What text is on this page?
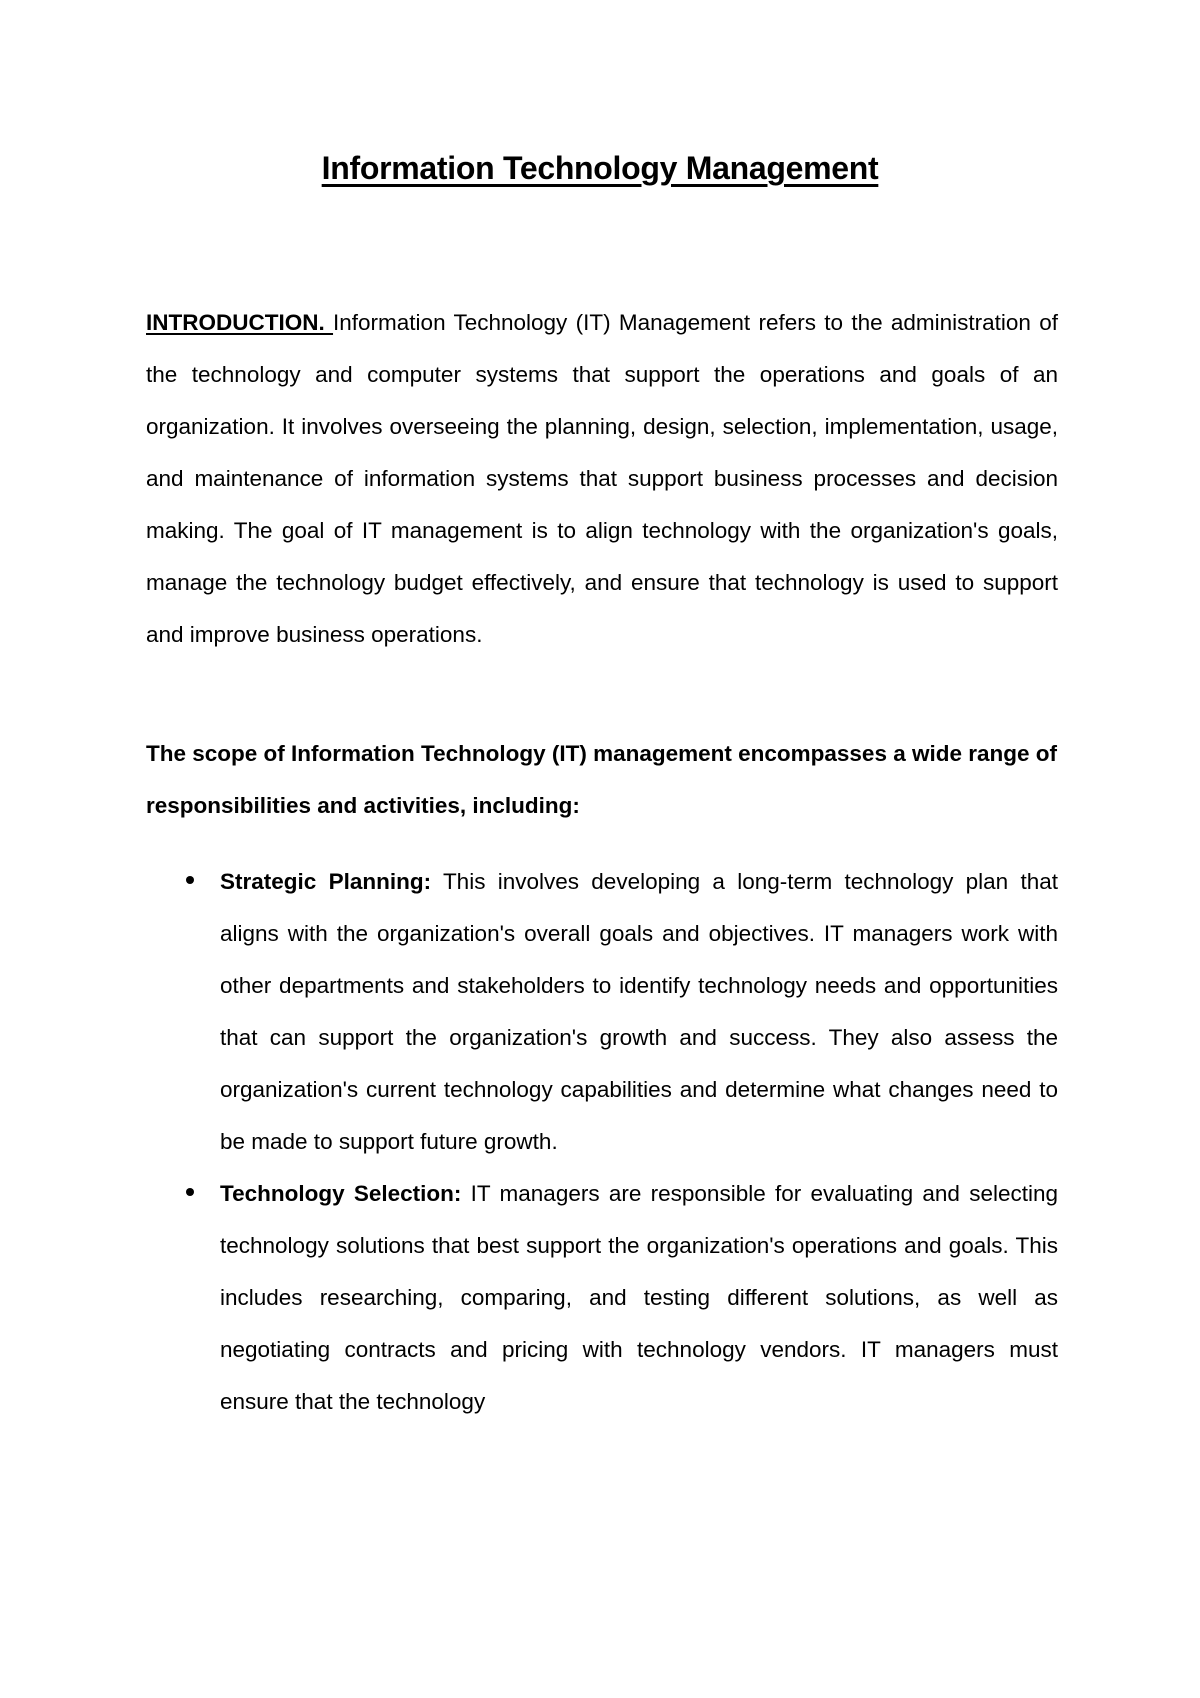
Information Technology Management

INTRODUCTION. Information Technology (IT) Management refers to the administration of the technology and computer systems that support the operations and goals of an organization. It involves overseeing the planning, design, selection, implementation, usage, and maintenance of information systems that support business processes and decision making. The goal of IT management is to align technology with the organization's goals, manage the technology budget effectively, and ensure that technology is used to support and improve business operations.

The scope of Information Technology (IT) management encompasses a wide range of responsibilities and activities, including:

Strategic Planning: This involves developing a long-term technology plan that aligns with the organization's overall goals and objectives. IT managers work with other departments and stakeholders to identify technology needs and opportunities that can support the organization's growth and success. They also assess the organization's current technology capabilities and determine what changes need to be made to support future growth.
Technology Selection: IT managers are responsible for evaluating and selecting technology solutions that best support the organization's operations and goals. This includes researching, comparing, and testing different solutions, as well as negotiating contracts and pricing with technology vendors. IT managers must ensure that the technology
